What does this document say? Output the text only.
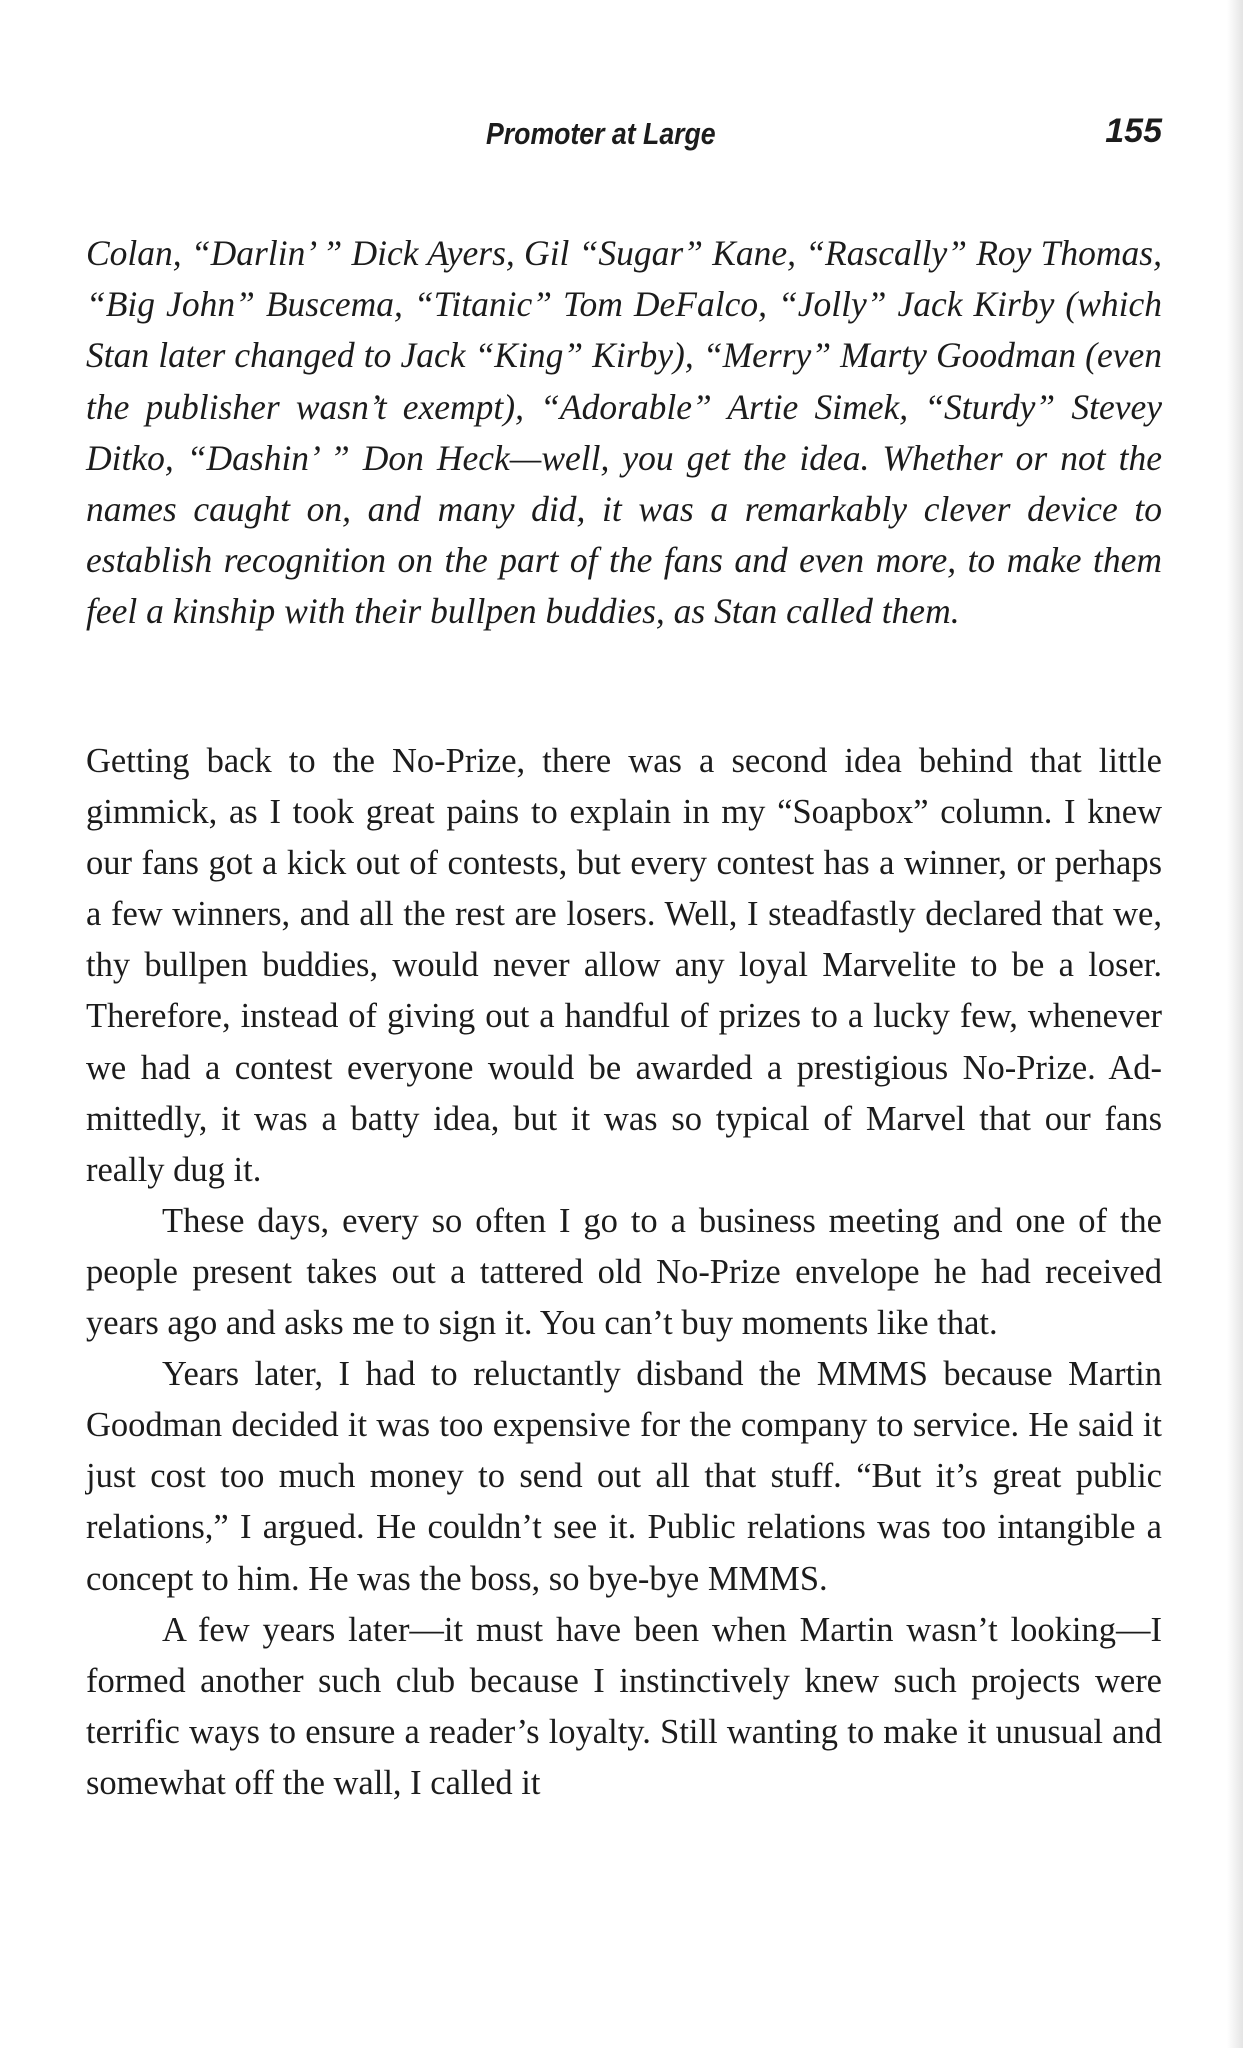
Promoter at Large	155

Colan, “Darlin’ ” Dick Ayers, Gil “Sugar” Kane, “Rascally” Roy Thomas, “Big John” Buscema, “Titanic” Tom DeFalco, “Jolly” Jack Kirby (which Stan later changed to Jack “King” Kirby), “Merry” Marty Goodman (even the publisher wasn’t exempt), “Adorable” Artie Simek, “Sturdy” Stevey Ditko, “Dashin’ ” Don Heck—well, you get the idea. Whether or not the names caught on, and many did, it was a remarkably clever device to establish recognition on the part of the fans and even more, to make them feel a kinship with their bullpen buddies, as Stan called them.

Getting back to the No-Prize, there was a second idea behind that little gimmick, as I took great pains to explain in my “Soapbox” column. I knew our fans got a kick out of contests, but every contest has a winner, or perhaps a few winners, and all the rest are losers. Well, I steadfastly declared that we, thy bullpen buddies, would never allow any loyal Marvelite to be a loser. Therefore, instead of giving out a handful of prizes to a lucky few, whenever we had a contest everyone would be awarded a prestigious No-Prize. Admittedly, it was a batty idea, but it was so typical of Marvel that our fans really dug it.

These days, every so often I go to a business meeting and one of the people present takes out a tattered old No-Prize envelope he had received years ago and asks me to sign it. You can’t buy moments like that.

Years later, I had to reluctantly disband the MMMS because Martin Goodman decided it was too expensive for the company to service. He said it just cost too much money to send out all that stuff. “But it’s great public relations,” I argued. He couldn’t see it. Public relations was too intangible a concept to him. He was the boss, so bye-bye MMMS.

A few years later—it must have been when Martin wasn’t looking—I formed another such club because I instinctively knew such projects were terrific ways to ensure a reader’s loyalty. Still wanting to make it unusual and somewhat off the wall, I called it
